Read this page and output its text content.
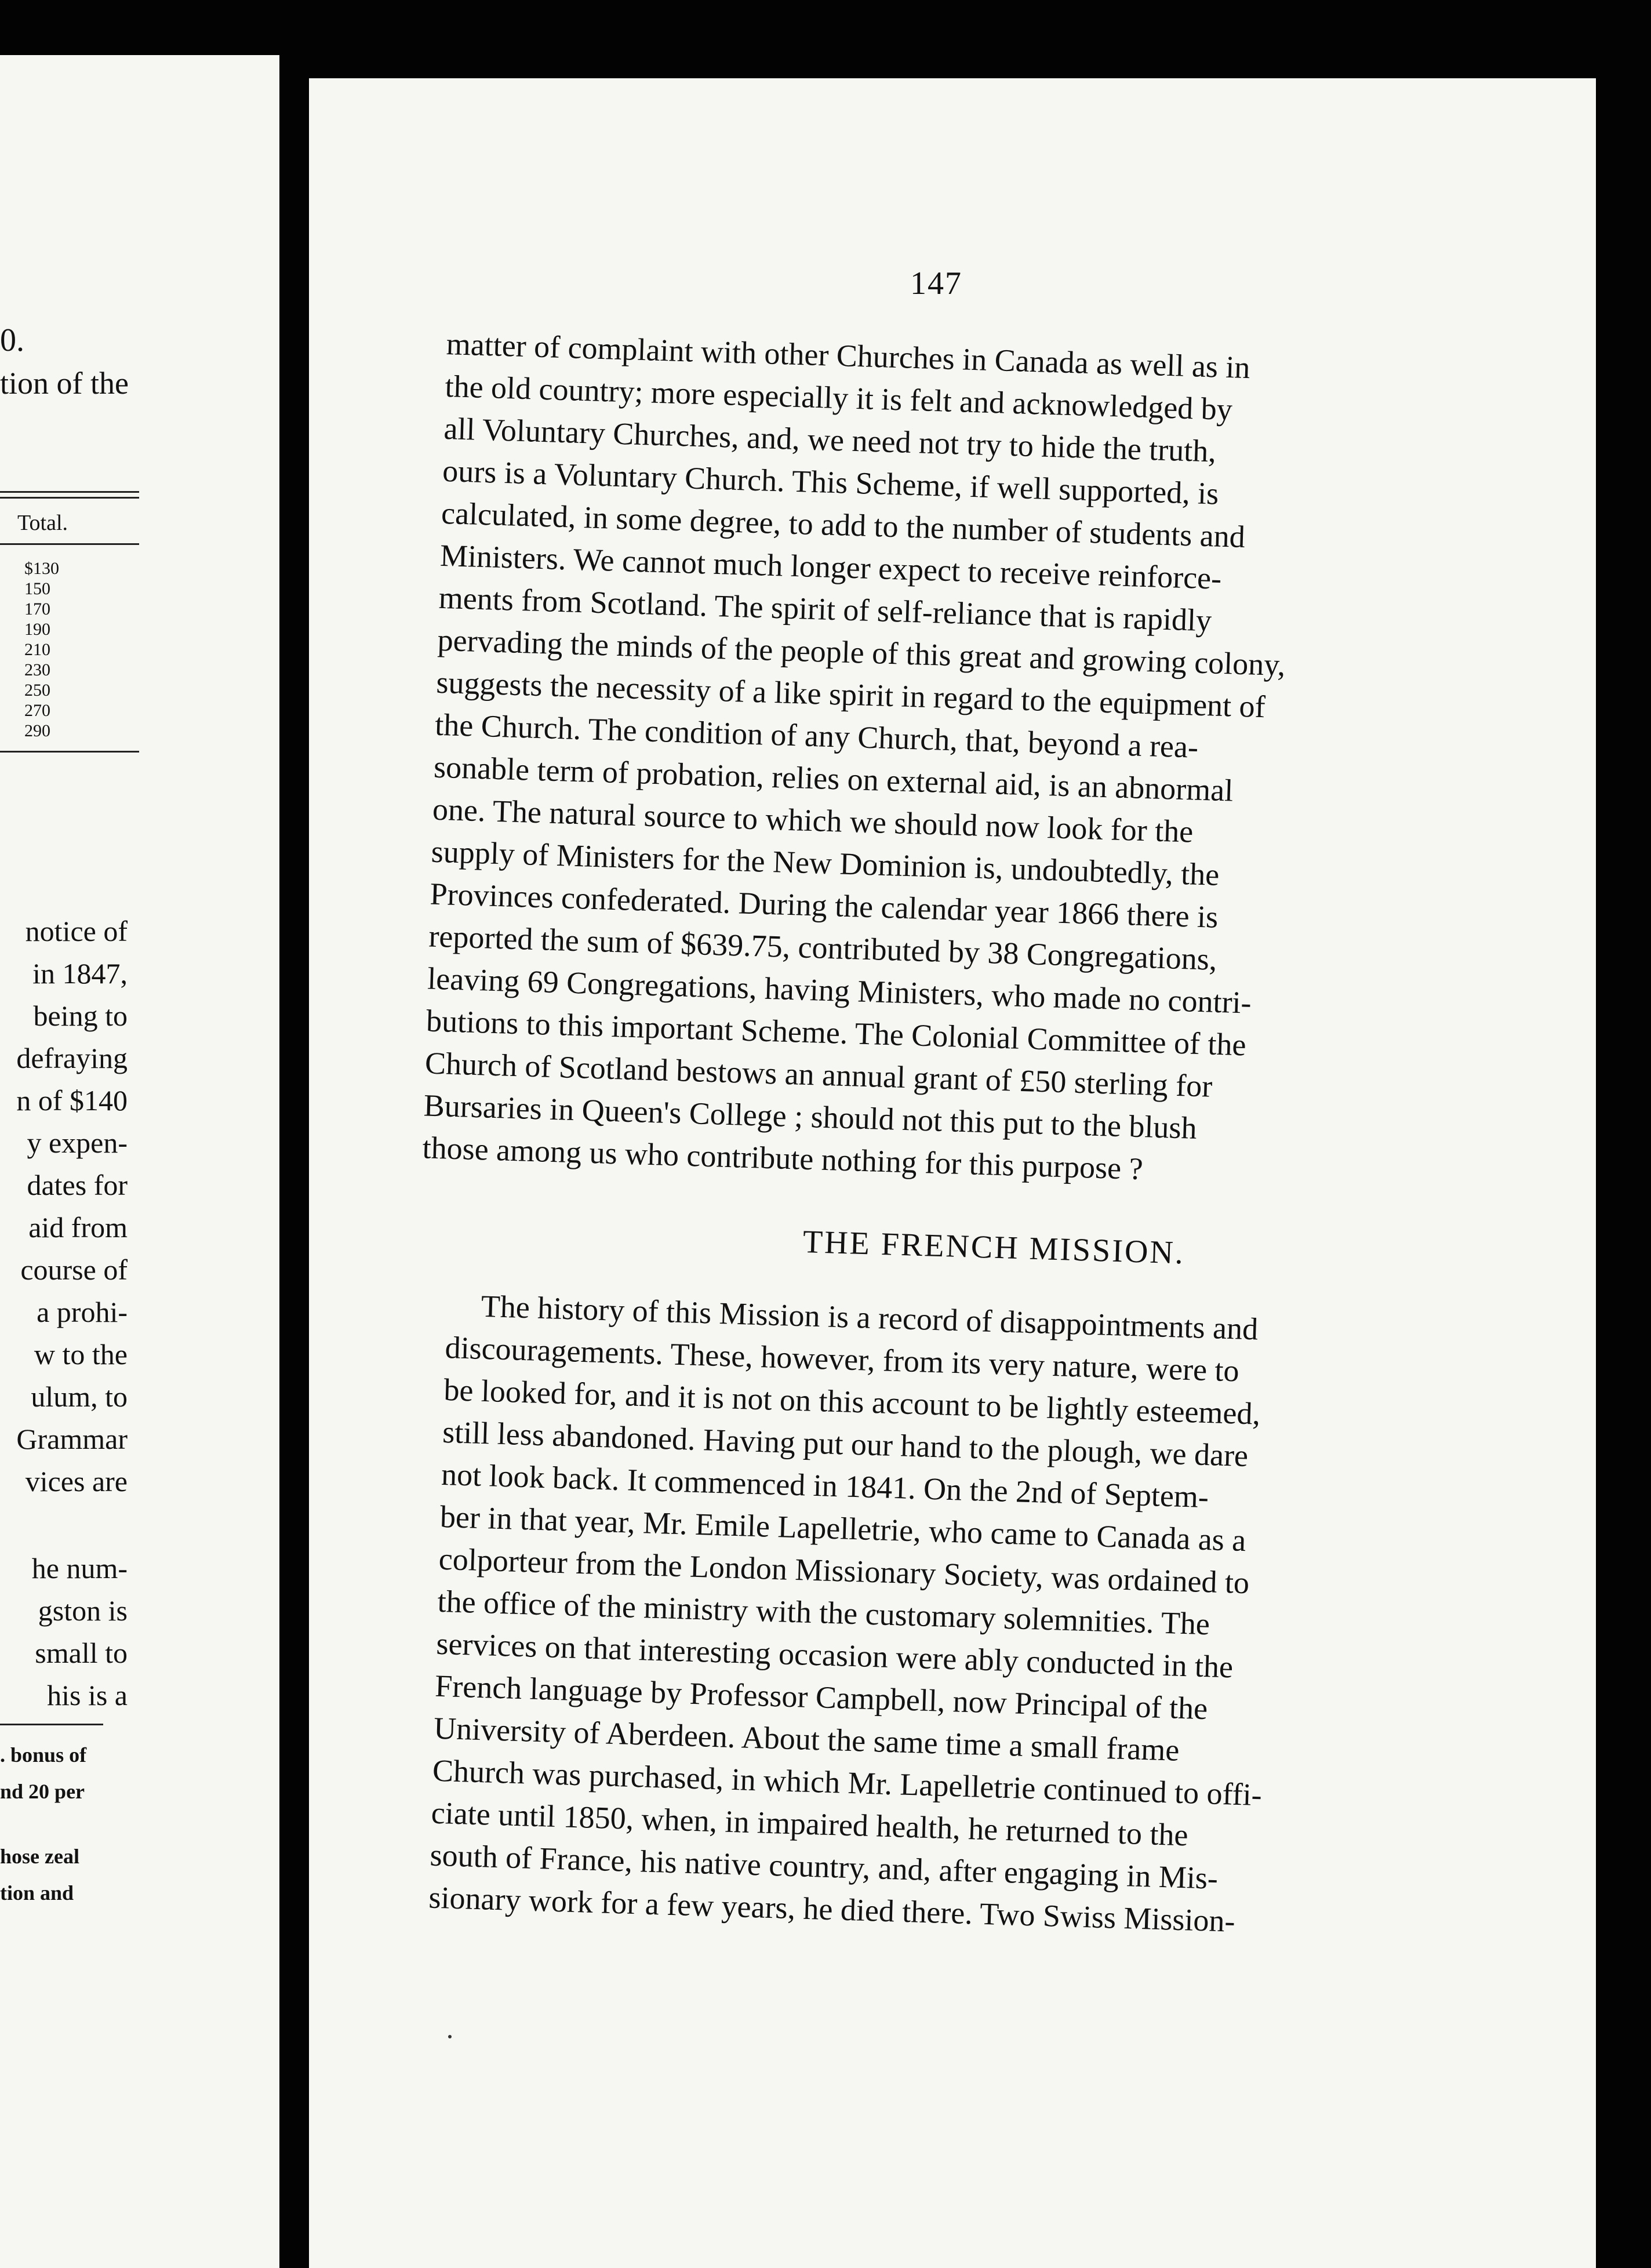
0.
tion of the
Total.
$130
150
170
190
210
230
250
270
290
notice of
in 1847,
being to
defraying
n of $140
y expen-
dates for
aid from
course of
a prohi-
w to the
ulum, to
Grammar
vices are
he num-
gston is
small to
his is a
. bonus of
nd 20 per
hose zeal
tion and
147
matter of complaint with other Churches in Canada as well as in
the old country; more especially it is felt and acknowledged by
all Voluntary Churches, and, we need not try to hide the truth,
ours is a Voluntary Church. This Scheme, if well supported, is
calculated, in some degree, to add to the number of students and
Ministers. We cannot much longer expect to receive reinforce-
ments from Scotland. The spirit of self-reliance that is rapidly
pervading the minds of the people of this great and growing colony,
suggests the necessity of a like spirit in regard to the equipment of
the Church. The condition of any Church, that, beyond a rea-
sonable term of probation, relies on external aid, is an abnormal
one. The natural source to which we should now look for the
supply of Ministers for the New Dominion is, undoubtedly, the
Provinces confederated. During the calendar year 1866 there is
reported the sum of $639.75, contributed by 38 Congregations,
leaving 69 Congregations, having Ministers, who made no contri-
butions to this important Scheme. The Colonial Committee of the
Church of Scotland bestows an annual grant of £50 sterling for
Bursaries in Queen's College ; should not this put to the blush
those among us who contribute nothing for this purpose ?
THE FRENCH MISSION.
The history of this Mission is a record of disappointments and
discouragements. These, however, from its very nature, were to
be looked for, and it is not on this account to be lightly esteemed,
still less abandoned. Having put our hand to the plough, we dare
not look back. It commenced in 1841. On the 2nd of Septem-
ber in that year, Mr. Emile Lapelletrie, who came to Canada as a
colporteur from the London Missionary Society, was ordained to
the office of the ministry with the customary solemnities. The
services on that interesting occasion were ably conducted in the
French language by Professor Campbell, now Principal of the
University of Aberdeen. About the same time a small frame
Church was purchased, in which Mr. Lapelletrie continued to offi-
ciate until 1850, when, in impaired health, he returned to the
south of France, his native country, and, after engaging in Mis-
sionary work for a few years, he died there. Two Swiss Mission-
